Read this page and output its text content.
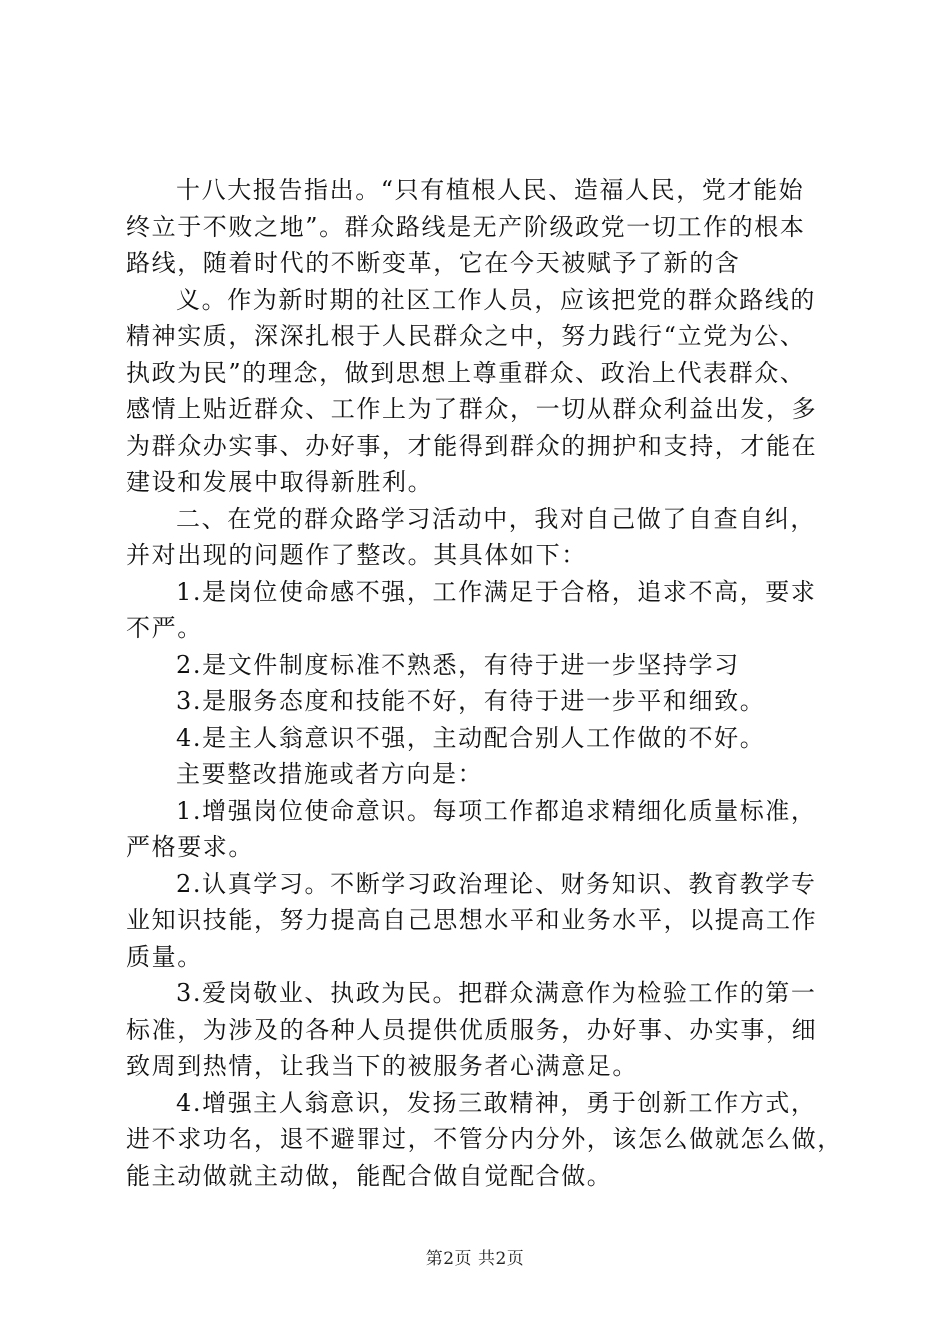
十八大报告指出。“只有植根人民、造福人民，党才能始
终立于不败之地”。群众路线是无产阶级政党一切工作的根本
路线，随着时代的不断变革，它在今天被赋予了新的含
义。作为新时期的社区工作人员，应该把党的群众路线的
精神实质，深深扎根于人民群众之中，努力践行“立党为公、
执政为民”的理念，做到思想上尊重群众、政治上代表群众、
感情上贴近群众、工作上为了群众，一切从群众利益出发，多
为群众办实事、办好事，才能得到群众的拥护和支持，才能在
建设和发展中取得新胜利。
二、在党的群众路学习活动中，我对自己做了自查自纠，
并对出现的问题作了整改。其具体如下：
1.是岗位使命感不强，工作满足于合格，追求不高，要求
不严。
2.是文件制度标准不熟悉，有待于进一步坚持学习
3.是服务态度和技能不好，有待于进一步平和细致。
4.是主人翁意识不强，主动配合别人工作做的不好。
主要整改措施或者方向是：
1.增强岗位使命意识。每项工作都追求精细化质量标准，
严格要求。
2.认真学习。不断学习政治理论、财务知识、教育教学专
业知识技能，努力提高自己思想水平和业务水平，以提高工作
质量。
3.爱岗敬业、执政为民。把群众满意作为检验工作的第一
标准，为涉及的各种人员提供优质服务，办好事、办实事，细
致周到热情，让我当下的被服务者心满意足。
4.增强主人翁意识，发扬三敢精神，勇于创新工作方式，
进不求功名，退不避罪过，不管分内分外，该怎么做就怎么做，
能主动做就主动做，能配合做自觉配合做。
第2页 共2页
